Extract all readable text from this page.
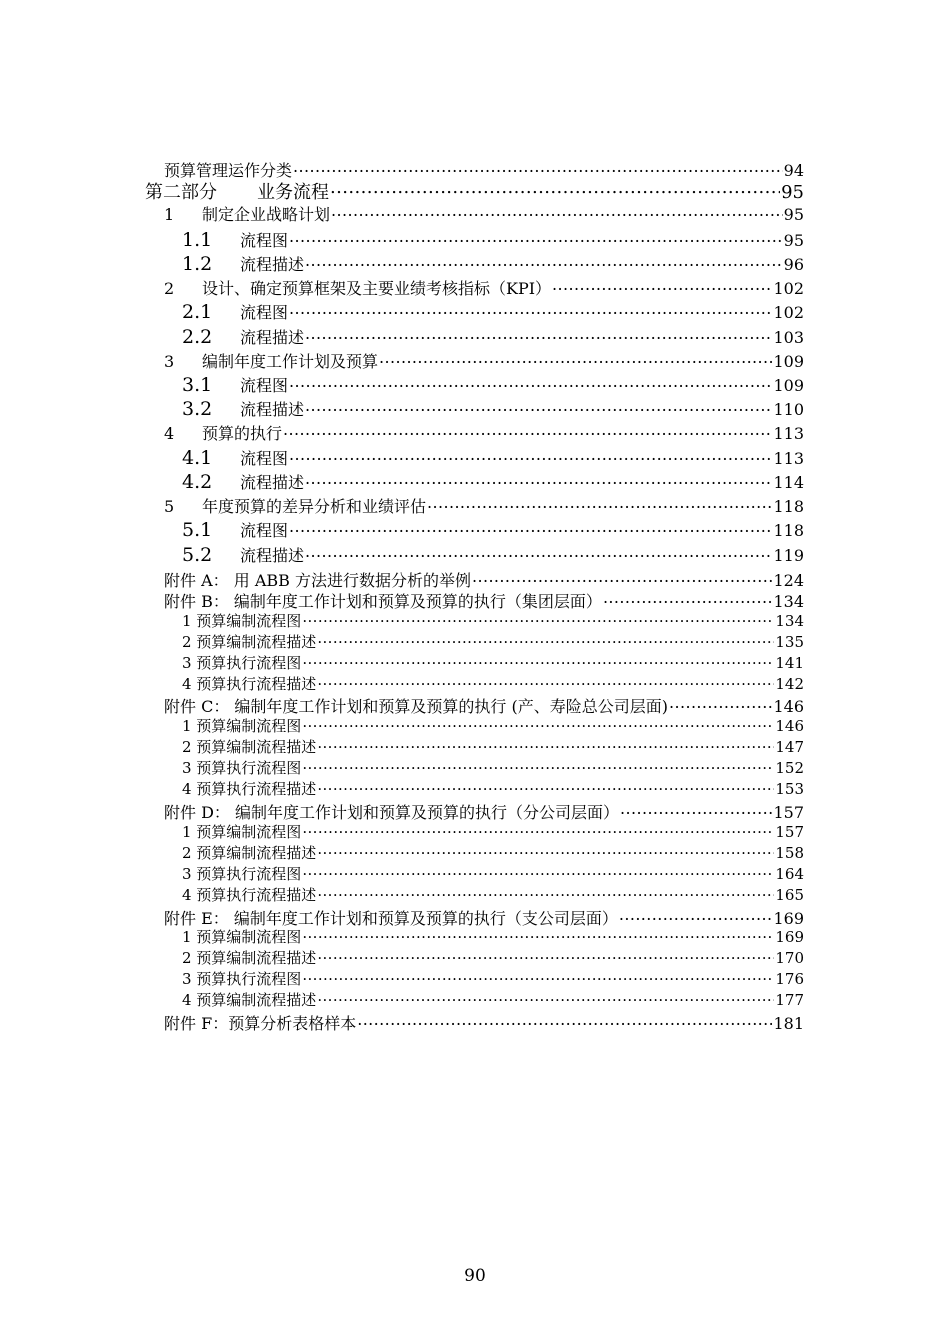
预算管理运作分类 .....	94
第二部分	业务流程 .....	95
1	制定企业战略计划 .....	95
1.1	流程图 .....	95
1.2	流程描述 .....	96
2	设计、确定预算框架及主要业绩考核指标（KPI） .....	102
2.1	流程图 .....	102
2.2	流程描述 .....	103
3	编制年度工作计划及预算 .....	109
3.1	流程图 .....	109
3.2	流程描述 .....	110
4	预算的执行 .....	113
4.1	流程图 .....	113
4.2	流程描述 .....	114
5	年度预算的差异分析和业绩评估 .....	118
5.1	流程图 .....	118
5.2	流程描述 .....	119
附件 A： 用 ABB 方法进行数据分析的举例 .....	124
附件 B： 编制年度工作计划和预算及预算的执行（集团层面） .....	134
1 预算编制流程图 .....	134
2 预算编制流程描述 .....	135
3 预算执行流程图 .....	141
4 预算执行流程描述 .....	142
附件 C： 编制年度工作计划和预算及预算的执行 (产、寿险总公司层面) .....	146
1 预算编制流程图 .....	146
2 预算编制流程描述 .....	147
3 预算执行流程图 .....	152
4 预算执行流程描述 .....	153
附件 D： 编制年度工作计划和预算及预算的执行（分公司层面） .....	157
1 预算编制流程图 .....	157
2 预算编制流程描述 .....	158
3 预算执行流程图 .....	164
4 预算执行流程描述 .....	165
附件 E： 编制年度工作计划和预算及预算的执行（支公司层面） .....	169
1 预算编制流程图 .....	169
2 预算编制流程描述 .....	170
3 预算执行流程图 .....	176
4 预算编制流程描述 .....	177
附件 F：预算分析表格样本 .....	181
90
